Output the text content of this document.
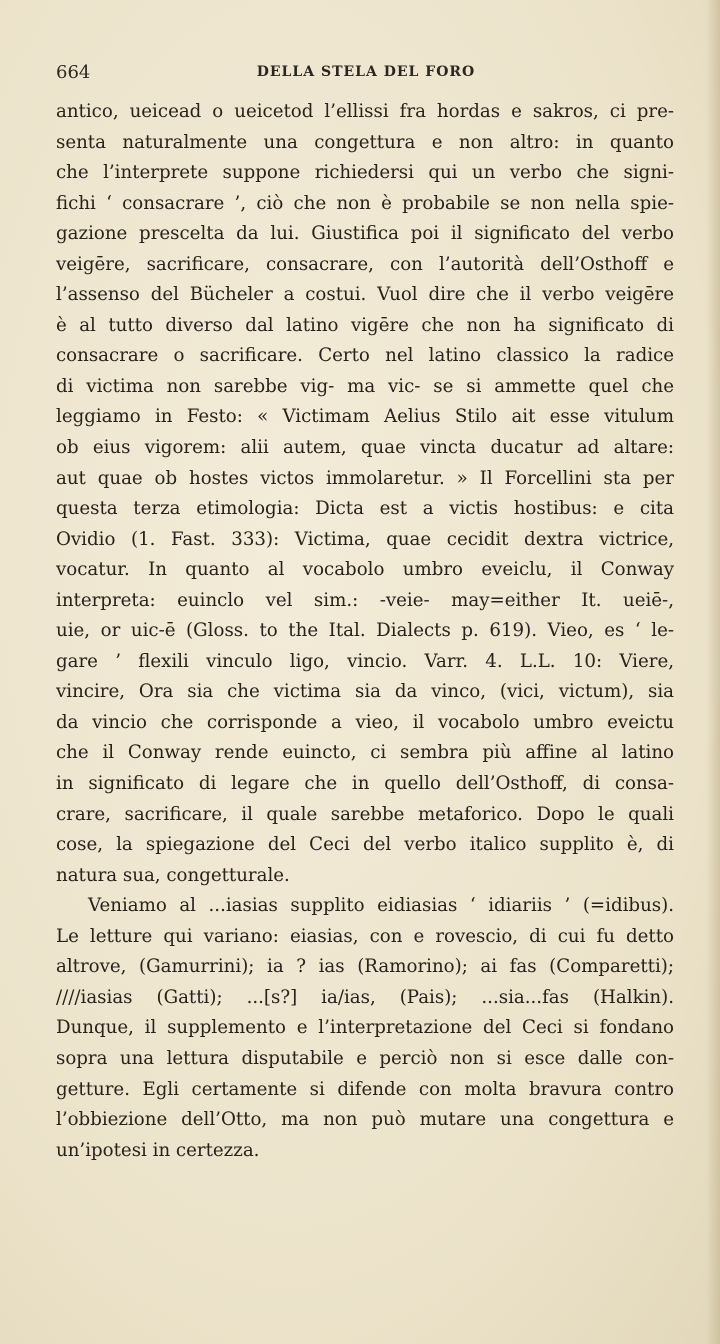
664	DELLA STELA DEL FORO
antico, ueicead o ueicetod l’ellissi fra hordas e sakros, ci pre-
senta naturalmente una congettura e non altro: in quanto
che l’interprete suppone richiedersi qui un verbo che signi-
fichi ‘ consacrare ’, ciò che non è probabile se non nella spie-
gazione prescelta da lui. Giustifica poi il significato del verbo
veigēre, sacrificare, consacrare, con l’autorità dell’Osthoff e
l’assenso del Bücheler a costui. Vuol dire che il verbo veigēre
è al tutto diverso dal latino vigēre che non ha significato di
consacrare o sacrificare. Certo nel latino classico la radice
di victima non sarebbe vig- ma vic- se si ammette quel che
leggiamo in Festo: « Victimam Aelius Stilo ait esse vitulum
ob eius vigorem: alii autem, quae vincta ducatur ad altare:
aut quae ob hostes victos immolaretur. » Il Forcellini sta per
questa terza etimologia: Dicta est a victis hostibus: e cita
Ovidio (1. Fast. 333): Victima, quae cecidit dextra victrice,
vocatur. In quanto al vocabolo umbro eveiclu, il Conway
interpreta: euinclo vel sim.: -veie- may=either It. ueiē-,
uie, or uic-ē (Gloss. to the Ital. Dialects p. 619). Vieo, es ‘ le-
gare ’ flexili vinculo ligo, vincio. Varr. 4. L.L. 10: Viere,
vincire, Ora sia che victima sia da vinco, (vici, victum), sia
da vincio che corrisponde a vieo, il vocabolo umbro eveictu
che il Conway rende euincto, ci sembra più affine al latino
in significato di legare che in quello dell’Osthoff, di consa-
crare, sacrificare, il quale sarebbe metaforico. Dopo le quali
cose, la spiegazione del Ceci del verbo italico supplito è, di
natura sua, congetturale.
Veniamo al ...iasias supplito eidiasias ‘ idiariis ’ (=idibus).
Le letture qui variano: eiasias, con e rovescio, di cui fu detto
altrove, (Gamurrini); ia ? ias (Ramorino); ai fas (Comparetti);
////iasias (Gatti); ...[s?] ia/ias, (Pais); ...sia...fas (Halkin).
Dunque, il supplemento e l’interpretazione del Ceci si fondano
sopra una lettura disputabile e perciò non si esce dalle con-
getture. Egli certamente si difende con molta bravura contro
l’obbiezione dell’Otto, ma non può mutare una congettura e
un’ipotesi in certezza.
